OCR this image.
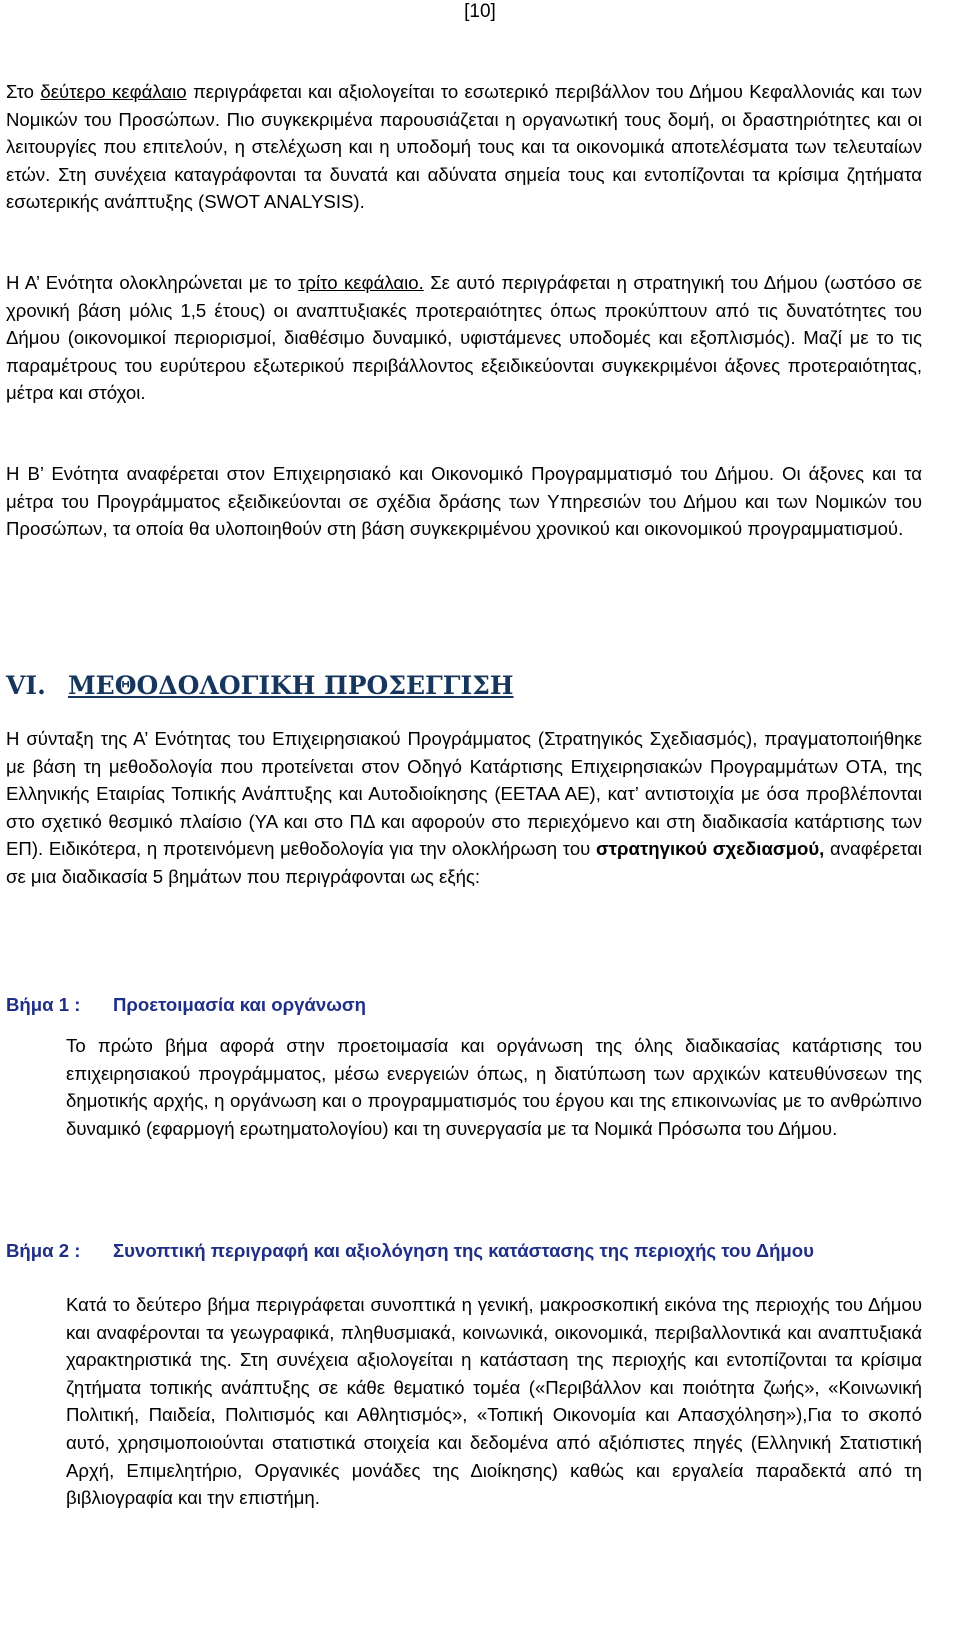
[10]

Στο δεύτερο κεφάλαιο περιγράφεται και αξιολογείται το εσωτερικό περιβάλλον του Δήμου Κεφαλλονιάς και των Νομικών του Προσώπων. Πιο συγκεκριμένα παρουσιάζεται η οργανωτική τους δομή, οι δραστηριότητες και οι λειτουργίες που επιτελούν, η στελέχωση και η υποδομή τους και τα οικονομικά αποτελέσματα των τελευταίων ετών. Στη συνέχεια καταγράφονται τα δυνατά και αδύνατα σημεία τους και εντοπίζονται τα κρίσιμα ζητήματα εσωτερικής ανάπτυξης (SWOT ANALYSIS).

Η Α’ Ενότητα ολοκληρώνεται με το τρίτο κεφάλαιο. Σε αυτό περιγράφεται η στρατηγική του Δήμου (ωστόσο σε χρονική βάση μόλις 1,5 έτους) οι αναπτυξιακές προτεραιότητες όπως προκύπτουν από τις δυνατότητες του Δήμου (οικονομικοί περιορισμοί, διαθέσιμο δυναμικό, υφιστάμενες υποδομές και εξοπλισμός). Μαζί με το τις παραμέτρους του ευρύτερου εξωτερικού περιβάλλοντος εξειδικεύονται συγκεκριμένοι άξονες προτεραιότητας, μέτρα και στόχοι.

Η Β’ Ενότητα αναφέρεται στον Επιχειρησιακό και Οικονομικό Προγραμματισμό του Δήμου. Οι άξονες και τα μέτρα του Προγράμματος εξειδικεύονται σε σχέδια δράσης των Υπηρεσιών του Δήμου και των Νομικών του Προσώπων, τα οποία θα υλοποιηθούν στη βάση συγκεκριμένου χρονικού και οικονομικού προγραμματισμού.

VI. ΜΕΘΟΔΟΛΟΓΙΚΗ ΠΡΟΣΕΓΓΙΣΗ

Η σύνταξη της Α’ Ενότητας του Επιχειρησιακού Προγράμματος (Στρατηγικός Σχεδιασμός), πραγματοποιήθηκε με βάση τη μεθοδολογία που προτείνεται στον Οδηγό Κατάρτισης Επιχειρησιακών Προγραμμάτων ΟΤΑ, της Ελληνικής Εταιρίας Τοπικής Ανάπτυξης και Αυτοδιοίκησης (ΕΕΤΑΑ ΑΕ), κατ’ αντιστοιχία με όσα προβλέπονται στο σχετικό θεσμικό πλαίσιο (ΥΑ και στο ΠΔ και αφορούν στο περιεχόμενο και στη διαδικασία κατάρτισης των ΕΠ). Ειδικότερα, η προτεινόμενη μεθοδολογία για την ολοκλήρωση του στρατηγικού σχεδιασμού, αναφέρεται σε μια διαδικασία 5 βημάτων που περιγράφονται ως εξής:

Βήμα 1 : Προετοιμασία και οργάνωση

Το πρώτο βήμα αφορά στην προετοιμασία και οργάνωση της όλης διαδικασίας κατάρτισης του επιχειρησιακού προγράμματος, μέσω ενεργειών όπως, η διατύπωση των αρχικών κατευθύνσεων της δημοτικής αρχής, η οργάνωση και ο προγραμματισμός του έργου και της επικοινωνίας με το ανθρώπινο δυναμικό (εφαρμογή ερωτηματολογίου) και τη συνεργασία με τα Νομικά Πρόσωπα του Δήμου.

Βήμα 2 : Συνοπτική περιγραφή και αξιολόγηση της κατάστασης της περιοχής του Δήμου

Κατά το δεύτερο βήμα περιγράφεται συνοπτικά η γενική, μακροσκοπική εικόνα της περιοχής του Δήμου και αναφέρονται τα γεωγραφικά, πληθυσμιακά, κοινωνικά, οικονομικά, περιβαλλοντικά και αναπτυξιακά χαρακτηριστικά της. Στη συνέχεια αξιολογείται η κατάσταση της περιοχής και εντοπίζονται τα κρίσιμα ζητήματα τοπικής ανάπτυξης σε κάθε θεματικό τομέα («Περιβάλλον και ποιότητα ζωής», «Κοινωνική Πολιτική, Παιδεία, Πολιτισμός και Αθλητισμός», «Τοπική Οικονομία και Απασχόληση»),Για το σκοπό αυτό, χρησιμοποιούνται στατιστικά στοιχεία και δεδομένα από αξιόπιστες πηγές (Ελληνική Στατιστική Αρχή, Επιμελητήριο, Οργανικές μονάδες της Διοίκησης) καθώς και εργαλεία παραδεκτά από τη βιβλιογραφία και την επιστήμη.
